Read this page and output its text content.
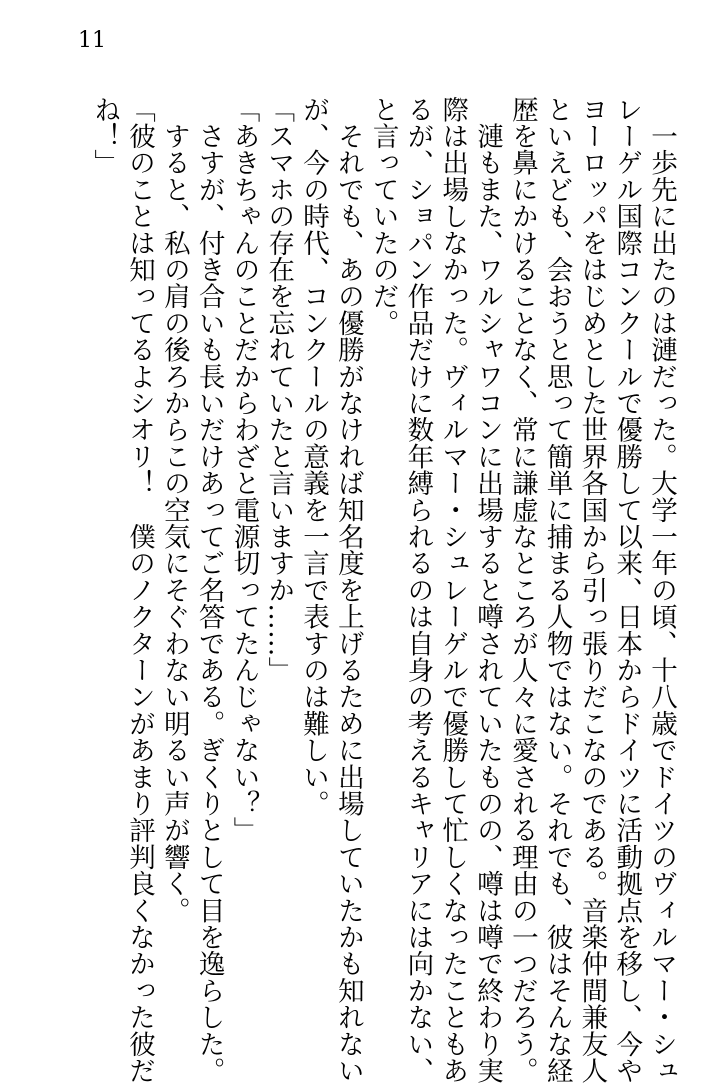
11
　一歩先に出たのは漣だった。大学一年の頃、十八歳でドイツのヴィルマー・シュ
レーゲル国際コンクールで優勝して以来、日本からドイツに活動拠点を移し、今や
ヨーロッパをはじめとした世界各国から引っ張りだこなのである。音楽仲間兼友人
といえども、会おうと思って簡単に捕まる人物ではない。それでも、彼はそんな経
歴を鼻にかけることなく、常に謙虚なところが人々に愛される理由の一つだろう。
　漣もまた、ワルシャワコンに出場すると噂されていたものの、噂は噂で終わり実
際は出場しなかった。ヴィルマー・シュレーゲルで優勝して忙しくなったこともあ
るが、ショパン作品だけに数年縛られるのは自身の考えるキャリアには向かない、
と言っていたのだ。
　それでも、あの優勝がなければ知名度を上げるために出場していたかも知れない
が、今の時代、コンクールの意義を一言で表すのは難しい。
「スマホの存在を忘れていたと言いますか……」
「あきちゃんのことだからわざと電源切ってたんじゃない？」
　さすが、付き合いも長いだけあってご名答である。ぎくりとして目を逸らした。
　すると、私の肩の後ろからこの空気にそぐわない明るい声が響く。
「彼のことは知ってるよシオリ！　僕のノクターンがあまり評判良くなかった彼だ
ね！」
